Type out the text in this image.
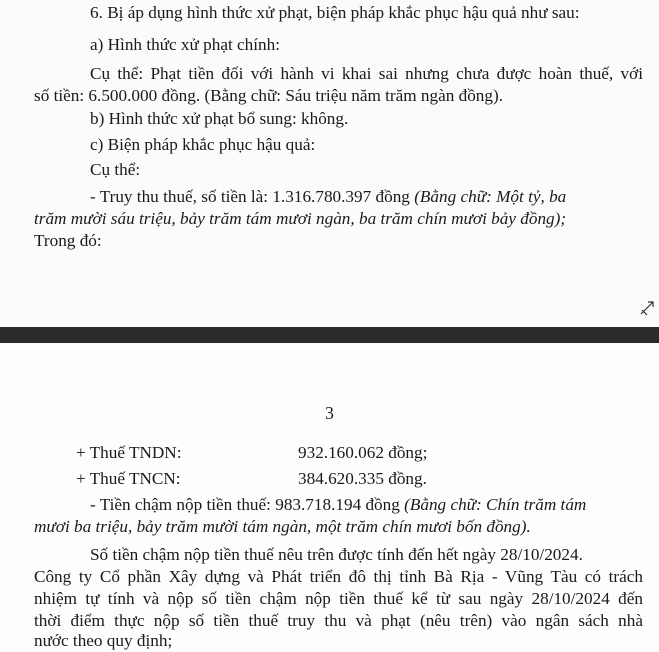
6. Bị áp dụng hình thức xử phạt, biện pháp khắc phục hậu quả như sau:
a) Hình thức xử phạt chính:
Cụ thể: Phạt tiền đối với hành vi khai sai nhưng chưa được hoàn thuế, với
số tiền: 6.500.000 đồng. (Bằng chữ: Sáu triệu năm trăm ngàn đồng).
b) Hình thức xử phạt bổ sung: không.
c) Biện pháp khắc phục hậu quả:
Cụ thể:
- Truy thu thuế, số tiền là: 1.316.780.397 đồng (Bằng chữ: Một tỷ, ba
trăm mười sáu triệu, bảy trăm tám mươi ngàn, ba trăm chín mươi bảy đồng);
Trong đó:
3
+ Thuế TNDN:	932.160.062 đồng;
+ Thuế TNCN:	384.620.335 đồng.
- Tiền chậm nộp tiền thuế: 983.718.194 đồng (Bằng chữ: Chín trăm tám
mươi ba triệu, bảy trăm mười tám ngàn, một trăm chín mươi bốn đồng).
Số tiền chậm nộp tiền thuế nêu trên được tính đến hết ngày 28/10/2024.
Công ty Cổ phần Xây dựng và Phát triển đô thị tỉnh Bà Rịa - Vũng Tàu có trách
nhiệm tự tính và nộp số tiền chậm nộp tiền thuế kể từ sau ngày 28/10/2024 đến
thời điểm thực nộp số tiền thuế truy thu và phạt (nêu trên) vào ngân sách nhà
nước theo quy định;
